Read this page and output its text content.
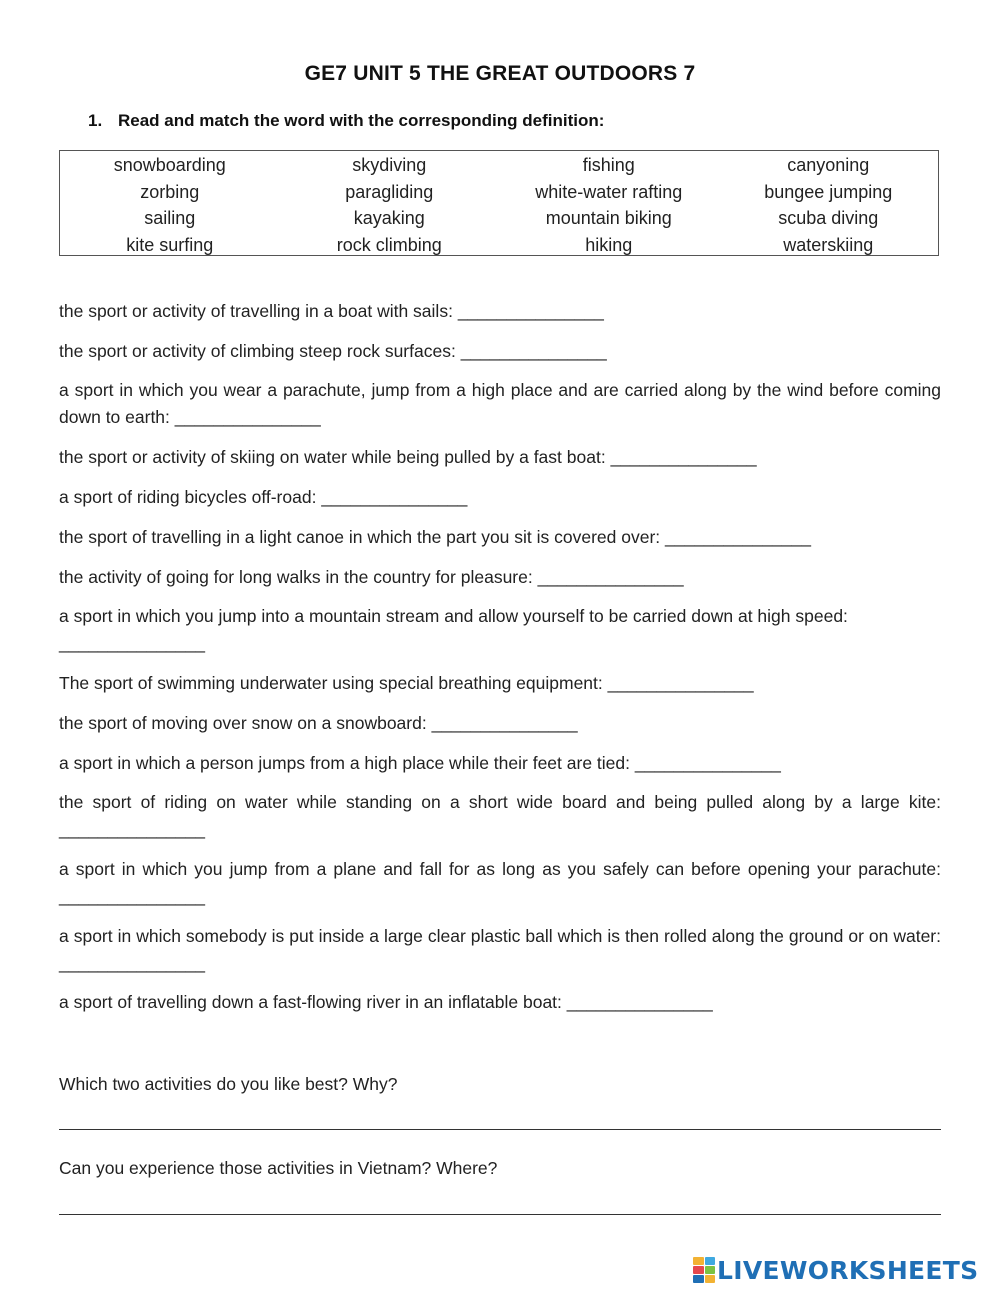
GE7 UNIT 5 THE GREAT OUTDOORS 7
1. Read and match the word with the corresponding definition:
snowboarding	skydiving	fishing	canyoning
zorbing	paragliding	white-water rafting	bungee jumping
sailing	kayaking	mountain biking	scuba diving
kite surfing	rock climbing	hiking	waterskiing
the sport or activity of travelling in a boat with sails: _______________
the sport or activity of climbing steep rock surfaces: _______________
a sport in which you wear a parachute, jump from a high place and are carried along by the wind before coming down to earth: _______________
the sport or activity of skiing on water while being pulled by a fast boat: _______________
a sport of riding bicycles off-road: _______________
the sport of travelling in a light canoe in which the part you sit is covered over: _______________
the activity of going for long walks in the country for pleasure: _______________
a sport in which you jump into a mountain stream and allow yourself to be carried down at high speed:
_______________
The sport of swimming underwater using special breathing equipment: _______________
the sport of moving over snow on a snowboard: _______________
a sport in which a person jumps from a high place while their feet are tied: _______________
the sport of riding on water while standing on a short wide board and being pulled along by a large kite: _______________
a sport in which you jump from a plane and fall for as long as you safely can before opening your parachute: _______________
a sport in which somebody is put inside a large clear plastic ball which is then rolled along the ground or on water: _______________
a sport of travelling down a fast-flowing river in an inflatable boat: _______________
Which two activities do you like best? Why?
Can you experience those activities in Vietnam? Where?
LIVEWORKSHEETS
